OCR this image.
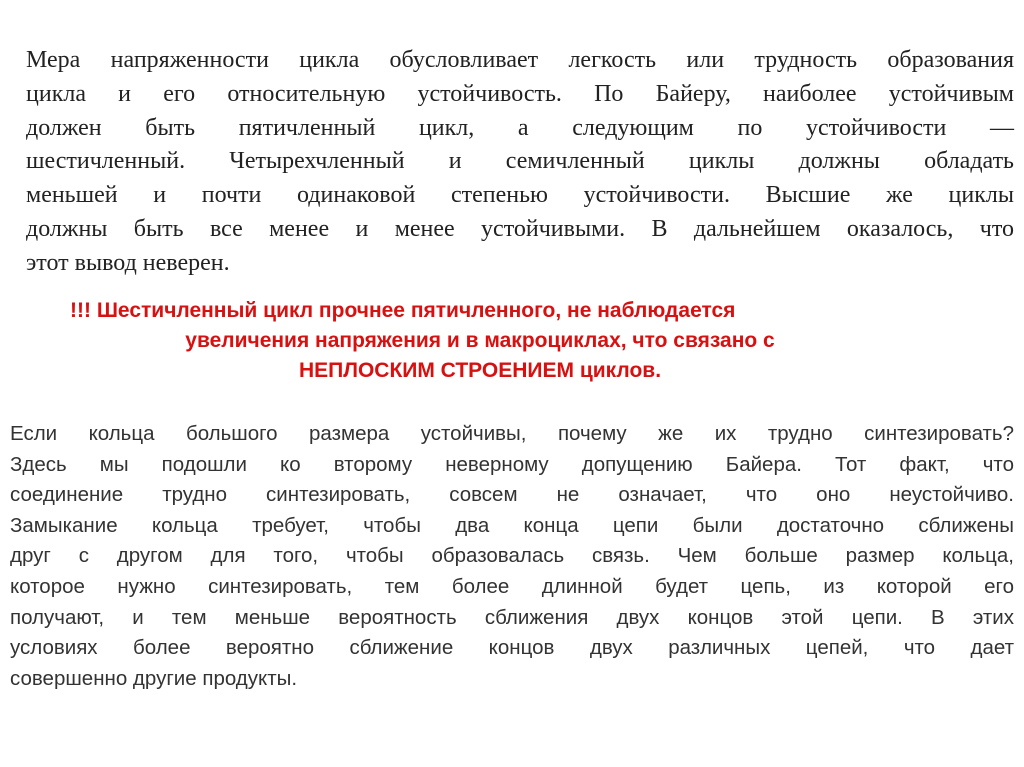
Мера напряженности цикла обусловливает легкость или трудность образования
цикла и его относительную устойчивость. По Байеру, наиболее устойчивым
должен быть пятичленный цикл, а следующим по устойчивости —
шестичленный. Четырехчленный и семичленный циклы должны обладать
меньшей и почти одинаковой степенью устойчивости. Высшие же циклы
должны быть все менее и менее устойчивыми. В дальнейшем оказалось, что
этот вывод неверен.
!!! Шестичленный цикл прочнее пятичленного, не наблюдается
увеличения напряжения и в макроциклах, что связано с
НЕПЛОСКИМ СТРОЕНИЕМ циклов.
Если кольца большого размера устойчивы, почему же их трудно синтезировать?
Здесь мы подошли ко второму неверному допущению Байера. Тот факт, что
соединение трудно синтезировать, совсем не означает, что оно неустойчиво.
Замыкание кольца требует, чтобы два конца цепи были достаточно сближены
друг с другом для того, чтобы образовалась связь. Чем больше размер кольца,
которое нужно синтезировать, тем более длинной будет цепь, из которой его
получают, и тем меньше вероятность сближения двух концов этой цепи. В этих
условиях более вероятно сближение концов двух различных цепей, что дает
совершенно другие продукты.
